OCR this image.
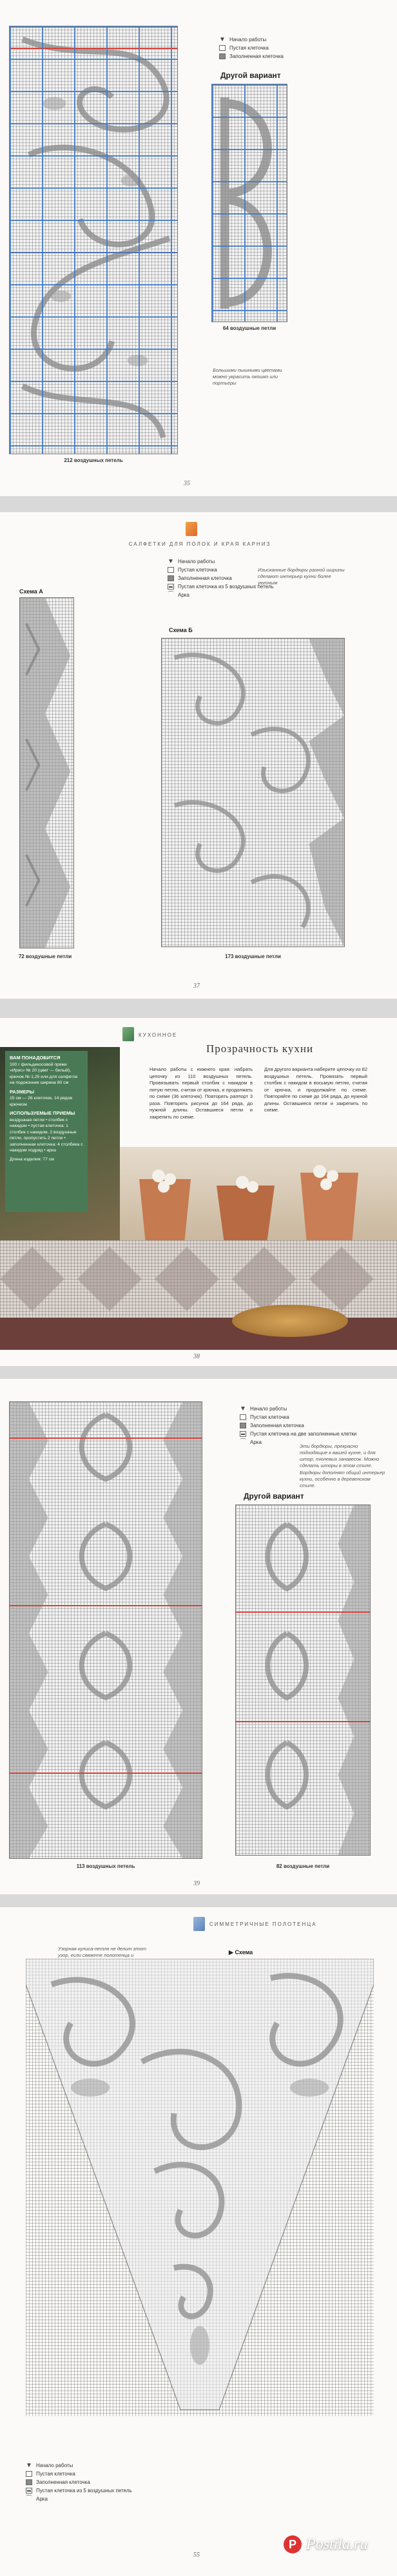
▼ Начало работы
Пустая клеточка
Заполненная клеточка
Другой вариант
64 воздушные петли
Большими пышными цветами можно украсить окошко или портьеры
212 воздушных петель
35
САЛФЕТКИ ДЛЯ ПОЛОК И КРАЯ КАРНИЗ
▼ Начало работы
Пустая клеточка
Заполненная клеточка
Пустая клеточка из 5 воздушных петель
⌒ Арка
Изысканные бордюры разной ширины сделают интерьер кухни более уютным
Схема А
72 воздушные петли
Схема Б
173 воздушные петли
37
КУХОННОЕ
Прозрачность кухни
ВАМ ПОНАДОБИТСЯ
100 г фильдекосовой пряжи «Ирис» № 20 (цвет — белый), крючок № 1,25 или для салфеток на подоконник ширина 80 см
РАЗМЕРЫ
15 см — 26 клеточек, 14 рядов крючком
ИСПОЛЬЗУЕМЫЕ ПРИЕМЫ
воздушная петля • столбик с накидом • пустая клеточка: 1 столбик с накидом, 2 воздушные петли, пропустить 2 петли • заполненная клеточка: 4 столбика с накидом подряд • арка
Длина изделия: 77 см
Начало работы с нижнего края: набрать цепочку из 110 воздушных петель. Провязывать первый столбик с накидом в пятую петлю, считая от крючка, и продолжать по схеме (36 клеточек). Повторять раппорт 3 раза. Повторять рисунок до 164 ряда, до нужной длины. Оставшиеся петли и закрепить по схеме.
Для другого варианта наберите цепочку из 82 воздушных петель. Провязать первый столбик с накидом в восьмую петлю, считая от крючка, и продолжайте по схеме. Повторяйте по схеме до 164 ряда, до нужной длины. Оставшиеся петли и закрепить по схеме.
38
▼ Начало работы
Пустая клеточка
Заполненная клеточка
Пустая клеточка на две заполненные клетки
⌒ Арка
Эти бордюры, прекрасно подходящие к вашей кухне, и для штор, тюлевых занавесок. Можно сделать шторы в этом стиле. Бордюры дополнят общий интерьер кухни, особенно в деревенском стиле.
Другой вариант
113 воздушных петель	82 воздушные петли
39
СИММЕТРИЧНЫЕ ПОЛОТЕНЦА
Узорная кулиса-петля не делит этот узор, если свяжете полотенца и	▶ Схема
▼ Начало работы
Пустая клеточка
Заполненная клеточка
Пустая клеточка из 5 воздушных петель
⌒ Арка
55
P Postila.ru
